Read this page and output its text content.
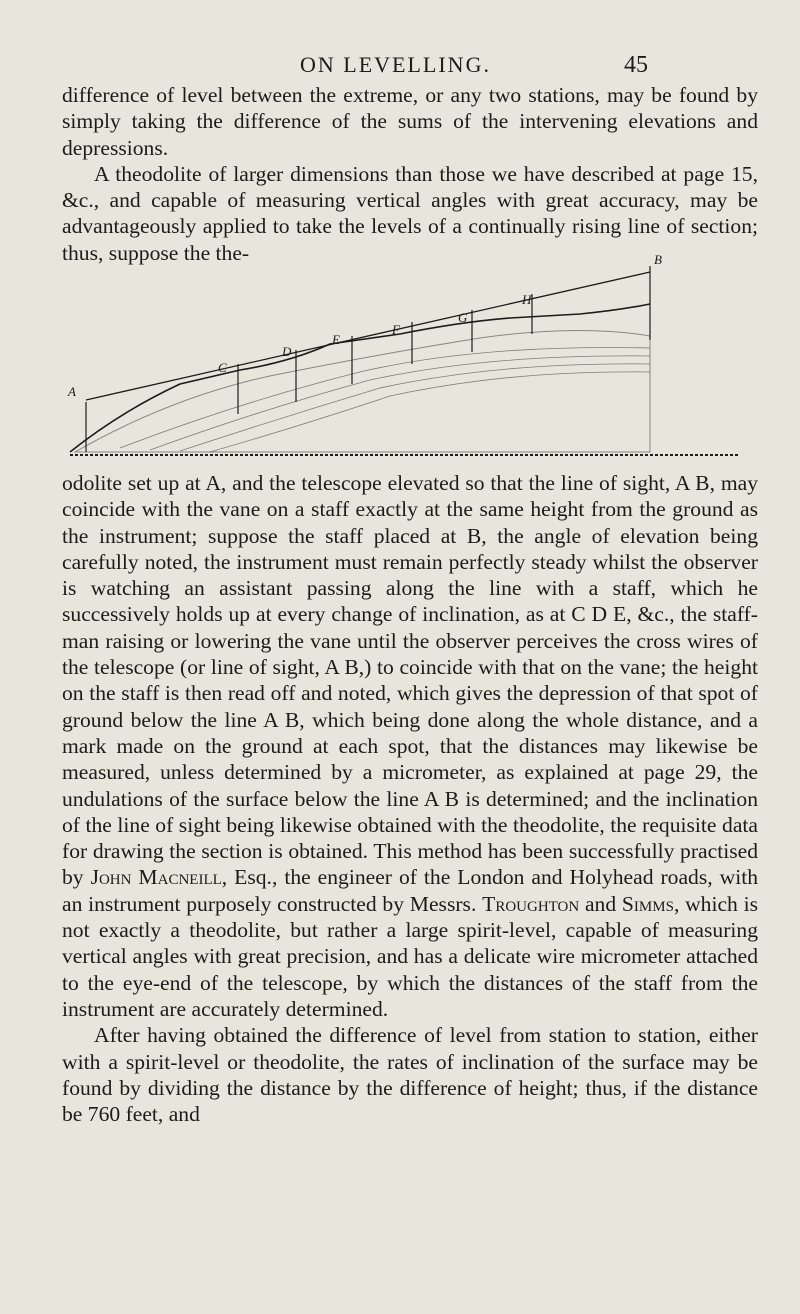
ON LEVELLING.	45

difference of level between the extreme, or any two stations, may be found by simply taking the difference of the sums of the intervening elevations and depressions.

A theodolite of larger dimensions than those we have described at page 15, &c., and capable of measuring vertical angles with great accuracy, may be advantageously applied to take the levels of a continually rising line of section; thus, suppose the the-

A
C
D
E
F
G
H
B

odolite set up at A, and the telescope elevated so that the line of sight, A B, may coincide with the vane on a staff exactly at the same height from the ground as the instrument; suppose the staff placed at B, the angle of elevation being carefully noted, the instrument must remain perfectly steady whilst the observer is watching an assistant passing along the line with a staff, which he successively holds up at every change of inclination, as at C D E, &c., the staff-man raising or lowering the vane until the observer perceives the cross wires of the telescope (or line of sight, A B,) to coincide with that on the vane; the height on the staff is then read off and noted, which gives the depression of that spot of ground below the line A B, which being done along the whole distance, and a mark made on the ground at each spot, that the distances may likewise be measured, unless determined by a micrometer, as explained at page 29, the undulations of the surface below the line A B is determined; and the inclination of the line of sight being likewise obtained with the theodolite, the requisite data for drawing the section is obtained. This method has been successfully practised by John Macneill, Esq., the engineer of the London and Holyhead roads, with an instrument purposely constructed by Messrs. Troughton and Simms, which is not exactly a theodolite, but rather a large spirit-level, capable of measuring vertical angles with great precision, and has a delicate wire micrometer attached to the eye-end of the telescope, by which the distances of the staff from the instrument are accurately determined.

After having obtained the difference of level from station to station, either with a spirit-level or theodolite, the rates of inclination of the surface may be found by dividing the distance by the difference of height; thus, if the distance be 760 feet, and
